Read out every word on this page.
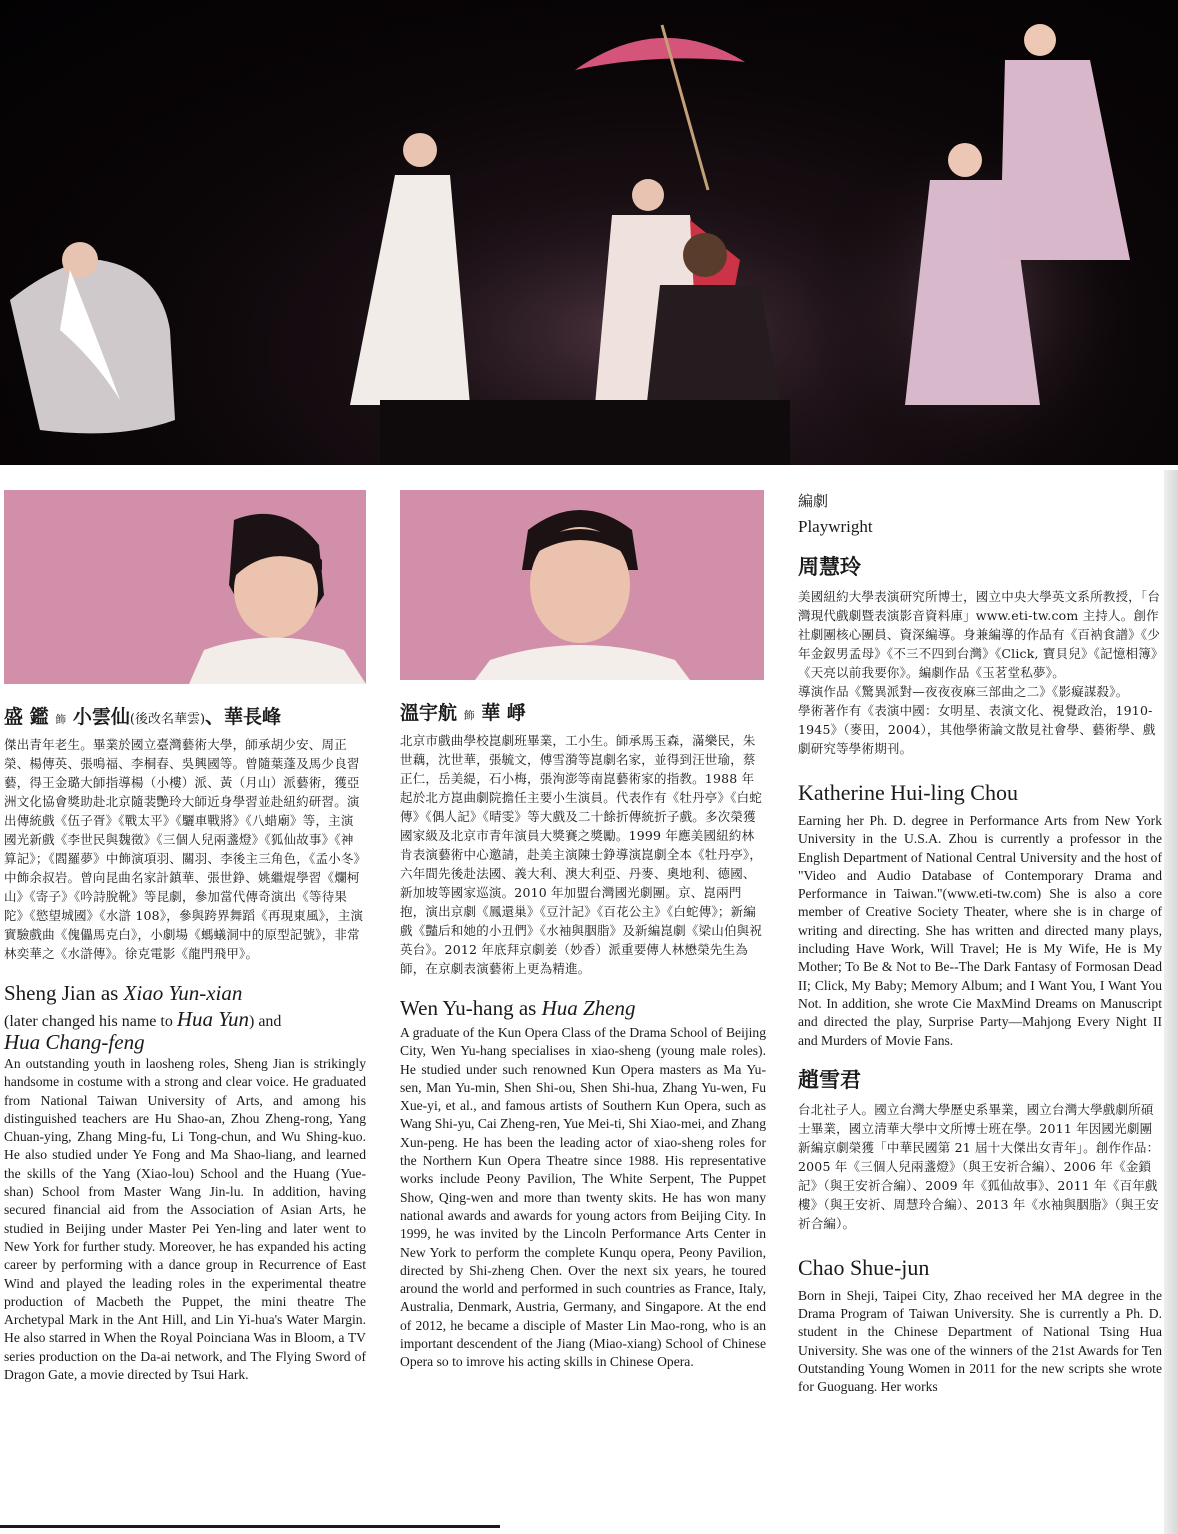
盛 鑑 飾 小雲仙(後改名華雲)、華長峰

傑出青年老生。畢業於國立臺灣藝術大學，師承胡少安、周正榮、楊傳英、張鳴福、李桐春、吳興國等。曾隨葉蓬及馬少良習藝，得王金璐大師指導楊（小樓）派、黃（月山）派藝術，獲亞洲文化協會獎助赴北京隨裴艷玲大師近身學習並赴紐約研習。演出傳統戲《伍子胥》《戰太平》《驪車戰將》《八蜡廟》等，主演國光新戲《李世民與魏徵》《三個人兒兩盞燈》《狐仙故事》《神算記》；《閻羅夢》中飾演項羽、關羽、李後主三角色，《孟小冬》中飾余叔岩。曾向昆曲名家計鎮華、張世錚、姚繼焜學習《爛柯山》《寄子》《吟詩脫靴》等昆劇，參加當代傳奇演出《等待果陀》《慾望城國》《水滸 108》，參與跨界舞蹈《再現東風》，主演實驗戲曲《傀儡馬克白》，小劇場《螞蟻洞中的原型記號》，非常林奕華之《水滸傳》。徐克電影《龍門飛甲》。

Sheng Jian as Xiao Yun-xian

(later changed his name to Hua Yun) and
Hua Chang-feng

An outstanding youth in laosheng roles, Sheng Jian is strikingly handsome in costume with a strong and clear voice. He graduated from National Taiwan University of Arts, and among his distinguished teachers are Hu Shao-an, Zhou Zheng-rong, Yang Chuan-ying, Zhang Ming-fu, Li Tong-chun, and Wu Shing-kuo. He also studied under Ye Fong and Ma Shao-liang, and learned the skills of the Yang (Xiao-lou) School and the Huang (Yue-shan) School from Master Wang Jin-lu. In addition, having secured financial aid from the Association of Asian Arts, he studied in Beijing under Master Pei Yen-ling and later went to New York for further study. Moreover, he has expanded his acting career by performing with a dance group in Recurrence of East Wind and played the leading roles in the experimental theatre production of Macbeth the Puppet, the mini theatre The Archetypal Mark in the Ant Hill, and Lin Yi-hua's Water Margin. He also starred in When the Royal Poinciana Was in Bloom, a TV series production on the Da-ai network, and The Flying Sword of Dragon Gate, a movie directed by Tsui Hark.

溫宇航 飾 華 崢

北京市戲曲學校崑劇班畢業，工小生。師承馬玉森，滿樂民，朱世藕，沈世華，張毓文，傅雪漪等崑劇名家，並得到汪世瑜，蔡正仁，岳美緹，石小梅，張洵澎等南崑藝術家的指教。1988 年起於北方崑曲劇院擔任主要小生演員。代表作有《牡丹亭》《白蛇傳》《偶人記》《晴雯》等大戲及二十餘折傳統折子戲。多次榮獲國家級及北京市青年演員大獎賽之獎勵。1999 年應美國紐約林肯表演藝術中心邀請，赴美主演陳士錚導演崑劇全本《牡丹亭》，六年間先後赴法國、義大利、澳大利亞、丹麥、奧地利、德國、新加坡等國家巡演。2010 年加盟台灣國光劇團。京、崑兩門抱，演出京劇《鳳還巢》《豆汁記》《百花公主》《白蛇傳》；新編戲《豔后和她的小丑們》《水袖與胭脂》及新編崑劇《梁山伯與祝英台》。2012 年底拜京劇姜（妙香）派重要傳人林懋榮先生為師，在京劇表演藝術上更為精進。

Wen Yu-hang as Hua Zheng

A graduate of the Kun Opera Class of the Drama School of Beijing City, Wen Yu-hang specialises in xiao-sheng (young male roles). He studied under such renowned Kun Opera masters as Ma Yu-sen, Man Yu-min, Shen Shi-ou, Shen Shi-hua, Zhang Yu-wen, Fu Xue-yi, et al., and famous artists of Southern Kun Opera, such as Wang Shi-yu, Cai Zheng-ren, Yue Mei-ti, Shi Xiao-mei, and Zhang Xun-peng. He has been the leading actor of xiao-sheng roles for the Northern Kun Opera Theatre since 1988. His representative works include Peony Pavilion, The White Serpent, The Puppet Show, Qing-wen and more than twenty skits. He has won many national awards and awards for young actors from Beijing City. In 1999, he was invited by the Lincoln Performance Arts Center in New York to perform the complete Kunqu opera, Peony Pavilion, directed by Shi-zheng Chen. Over the next six years, he toured around the world and performed in such countries as France, Italy, Australia, Denmark, Austria, Germany, and Singapore. At the end of 2012, he became a disciple of Master Lin Mao-rong, who is an important descendent of the Jiang (Miao-xiang) School of Chinese Opera so to imrove his acting skills in Chinese Opera.

編劇

Playwright

周慧玲

美國紐約大學表演研究所博士，國立中央大學英文系所教授，「台灣現代戲劇暨表演影音資料庫」www.eti-tw.com 主持人。創作社劇團核心團員、資深編導。身兼編導的作品有《百衲食譜》《少年金釵男孟母》《不三不四到台灣》《Click, 寶貝兒》《記憶相簿》《天亮以前我要你》。編劇作品《玉茗堂私夢》。
導演作品《驚異派對—夜夜夜麻三部曲之二》《影癡謀殺》。
學術著作有《表演中國：女明星、表演文化、視覺政治，1910-1945》（麥田，2004），其他學術論文散見社會學、藝術學、戲劇研究等學術期刊。

Katherine Hui-ling Chou

Earning her Ph. D. degree in Performance Arts from New York University in the U.S.A. Zhou is currently a professor in the English Department of National Central University and the host of "Video and Audio Database of Contemporary Drama and Performance in Taiwan."(www.eti-tw.com) She is also a core member of Creative Society Theater, where she is in charge of writing and directing. She has written and directed many plays, including Have Work, Will Travel; He is My Wife, He is My Mother; To Be & Not to Be--The Dark Fantasy of Formosan Dead II; Click, My Baby; Memory Album; and I Want You, I Want You Not. In addition, she wrote Cie MaxMind Dreams on Manuscript and directed the play, Surprise Party—Mahjong Every Night II and Murders of Movie Fans.

趙雪君

台北社子人。國立台灣大學歷史系畢業，國立台灣大學戲劇所碩士畢業，國立清華大學中文所博士班在學。2011 年因國光劇團新編京劇榮獲「中華民國第 21 屆十大傑出女青年」。創作作品：2005 年《三個人兒兩盞燈》（與王安祈合編）、2006 年《金鎖記》（與王安祈合編）、2009 年《狐仙故事》、2011 年《百年戲樓》（與王安祈、周慧玲合編）、2013 年《水袖與胭脂》（與王安祈合編）。

Chao Shue-jun

Born in Sheji, Taipei City, Zhao received her MA degree in the Drama Program of Taiwan University. She is currently a Ph. D. student in the Chinese Department of National Tsing Hua University. She was one of the winners of the 21st Awards for Ten Outstanding Young Women in 2011 for the new scripts she wrote for Guoguang. Her works
